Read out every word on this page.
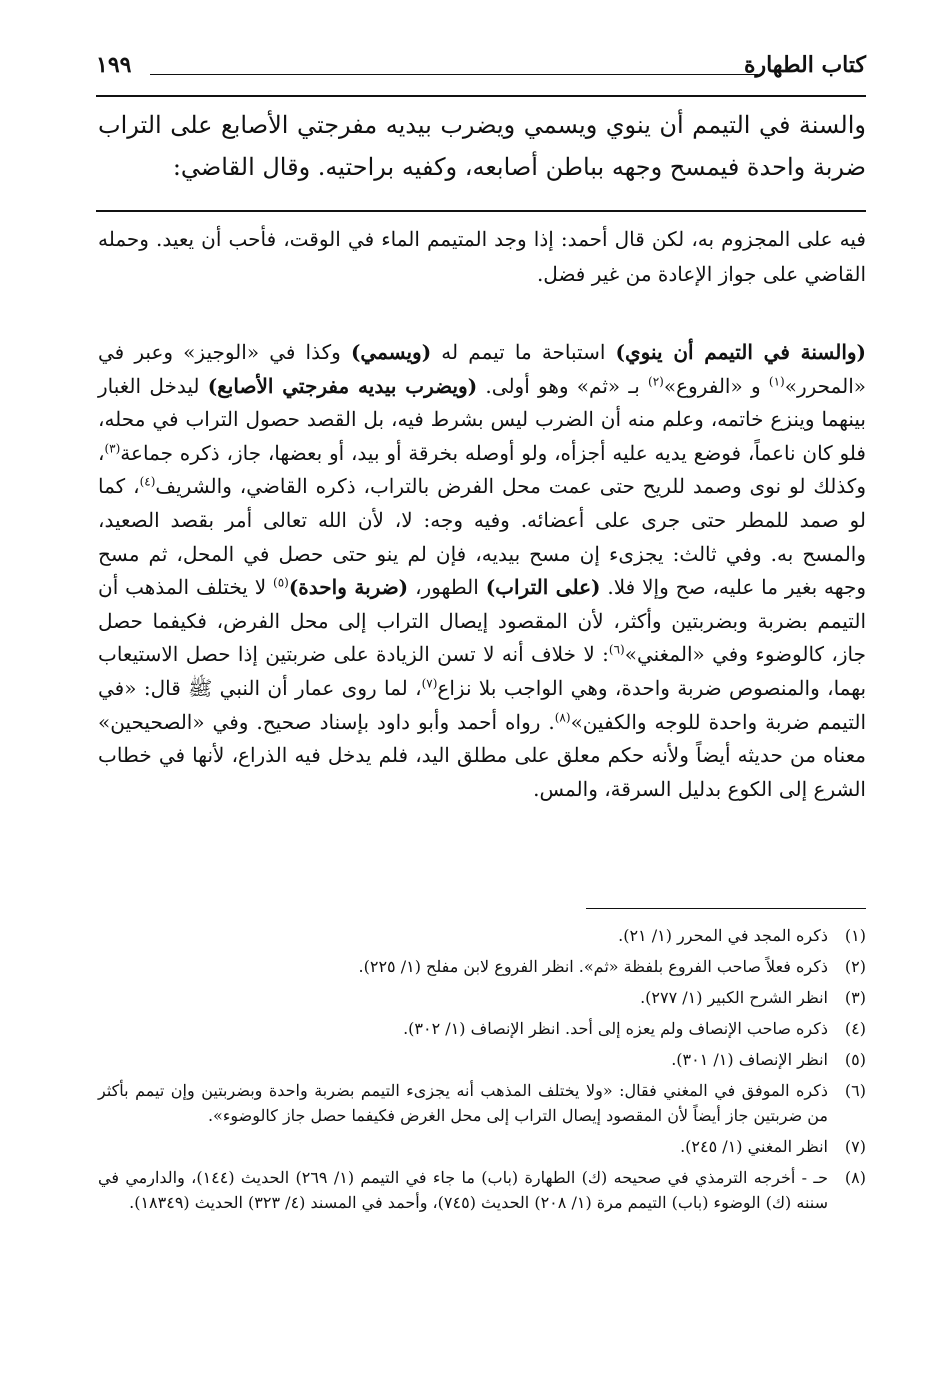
كتاب الطهارة
١٩٩
والسنة في التيمم أن ينوي ويسمي ويضرب بيديه مفرجتي الأصابع على التراب ضربة واحدة فيمسح وجهه بباطن أصابعه، وكفيه براحتيه. وقال القاضي:
فيه على المجزوم به، لكن قال أحمد: إذا وجد المتيمم الماء في الوقت، فأحب أن يعيد. وحمله القاضي على جواز الإعادة من غير فضل.

(والسنة في التيمم أن ينوي) استباحة ما تيمم له (ويسمي) وكذا في «الوجيز» وعبر في «المحرر»$^{(١)}$ و «الفروع»$^{(٢)}$ بـ «ثم» وهو أولى. (ويضرب بيديه مفرجتي الأصابع) ليدخل الغبار بينهما وينزع خاتمه، وعلم منه أن الضرب ليس بشرط فيه، بل القصد حصول التراب في محله، فلو كان ناعماً، فوضع يديه عليه أجزأه، ولو أوصله بخرقة أو بيد، أو بعضها، جاز، ذكره جماعة$^{(٣)}$، وكذلك لو نوى وصمد للريح حتى عمت محل الفرض بالتراب، ذكره القاضي، والشريف$^{(٤)}$، كما لو صمد للمطر حتى جرى على أعضائه. وفيه وجه: لا، لأن الله تعالى أمر بقصد الصعيد، والمسح به. وفي ثالث: يجزىء إن مسح بيديه، فإن لم ينو حتى حصل في المحل، ثم مسح وجهه بغير ما عليه، صح وإلا فلا. (على التراب) الطهور، (ضربة واحدة)$^{(٥)}$ لا يختلف المذهب أن التيمم بضربة وبضربتين وأكثر، لأن المقصود إيصال التراب إلى محل الفرض، فكيفما حصل جاز، كالوضوء وفي «المغني»$^{(٦)}$: لا خلاف أنه لا تسن الزيادة على ضربتين إذا حصل الاستيعاب بهما، والمنصوص ضربة واحدة، وهي الواجب بلا نزاع$^{(٧)}$، لما روى عمار أن النبي ﷺ قال: «في التيمم ضربة واحدة للوجه والكفين»$^{(٨)}$. رواه أحمد وأبو داود بإسناد صحيح. وفي «الصحيحين» معناه من حديثه أيضاً ولأنه حكم معلق على مطلق اليد، فلم يدخل فيه الذراع، لأنها في خطاب الشرع إلى الكوع بدليل السرقة، والمس.

(١)
ذكره المجد في المحرر (١/ ٢١).
(٢)
ذكره فعلاً صاحب الفروع بلفظة «ثم». انظر الفروع لابن مفلح (١/ ٢٢٥).
(٣)
انظر الشرح الكبير (١/ ٢٧٧).
(٤)
ذكره صاحب الإنصاف ولم يعزه إلى أحد. انظر الإنصاف (١/ ٣٠٢).
(٥)
انظر الإنصاف (١/ ٣٠١).
(٦)
ذكره الموفق في المغني فقال: «ولا يختلف المذهب أنه يجزىء التيمم بضربة واحدة وبضربتين وإن تيمم بأكثر من ضربتين جاز أيضاً لأن المقصود إيصال التراب إلى محل الغرض فكيفما حصل جاز كالوضوء».
(٧)
انظر المغني (١/ ٢٤٥).
(٨)
حـ - أخرجه الترمذي في صحيحه (ك) الطهارة (باب) ما جاء في التيمم (١/ ٢٦٩) الحديث (١٤٤)، والدارمي في سننه (ك) الوضوء (باب) التيمم مرة (١/ ٢٠٨) الحديث (٧٤٥)، وأحمد في المسند (٤/ ٣٢٣) الحديث (١٨٣٤٩).
